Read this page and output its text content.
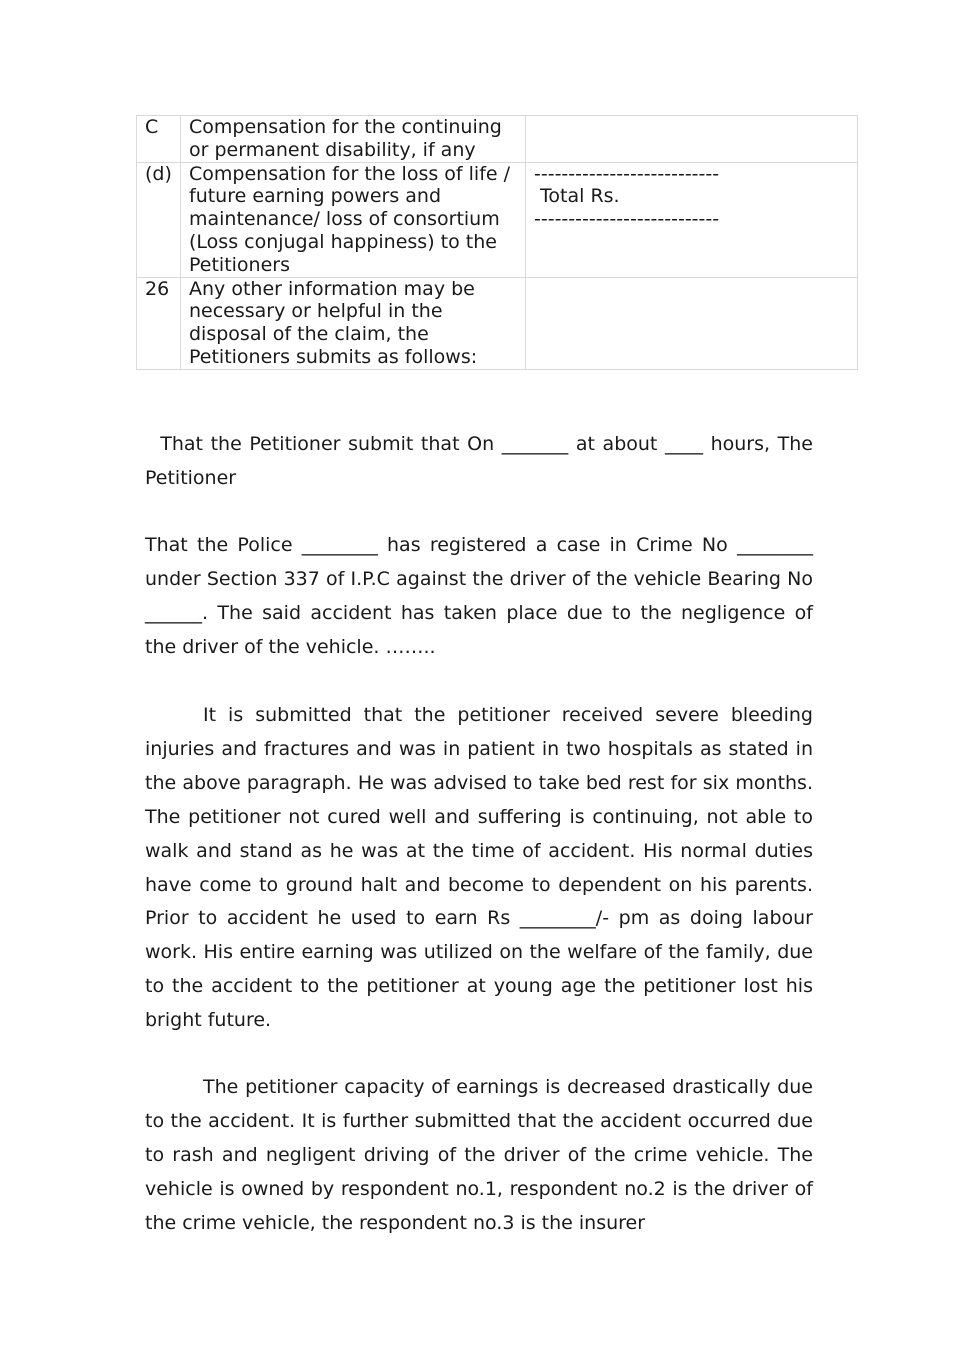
C	Compensation for the continuing or permanent disability, if any	
(d)	Compensation for the loss of life / future earning powers and maintenance/ loss of consortium (Loss conjugal happiness) to the Petitioners	---------------------------
Total Rs.
---------------------------

26	Any other information may be necessary or helpful in the disposal of the claim, the Petitioners submits as follows:	

That the Petitioner submit that On _______ at about ____ hours, The Petitioner

That the Police ________ has registered a case in Crime No ________ under Section 337 of I.P.C against the driver of the vehicle Bearing No ______. The said accident has taken place due to the negligence of the driver of the vehicle. ……..

It is submitted that the petitioner received severe bleeding injuries and fractures and was in patient in two hospitals as stated in the above paragraph. He was advised to take bed rest for six months. The petitioner not cured well and suffering is continuing, not able to walk and stand as he was at the time of accident. His normal duties have come to ground halt and become to dependent on his parents. Prior to accident he used to earn Rs ________/- pm as doing labour work. His entire earning was utilized on the welfare of the family, due to the accident to the petitioner at young age the petitioner lost his bright future.

The petitioner capacity of earnings is decreased drastically due to the accident. It is further submitted that the accident occurred due to rash and negligent driving of the driver of the crime vehicle. The vehicle is owned by respondent no.1, respondent no.2 is the driver of the crime vehicle, the respondent no.3 is the insurer
